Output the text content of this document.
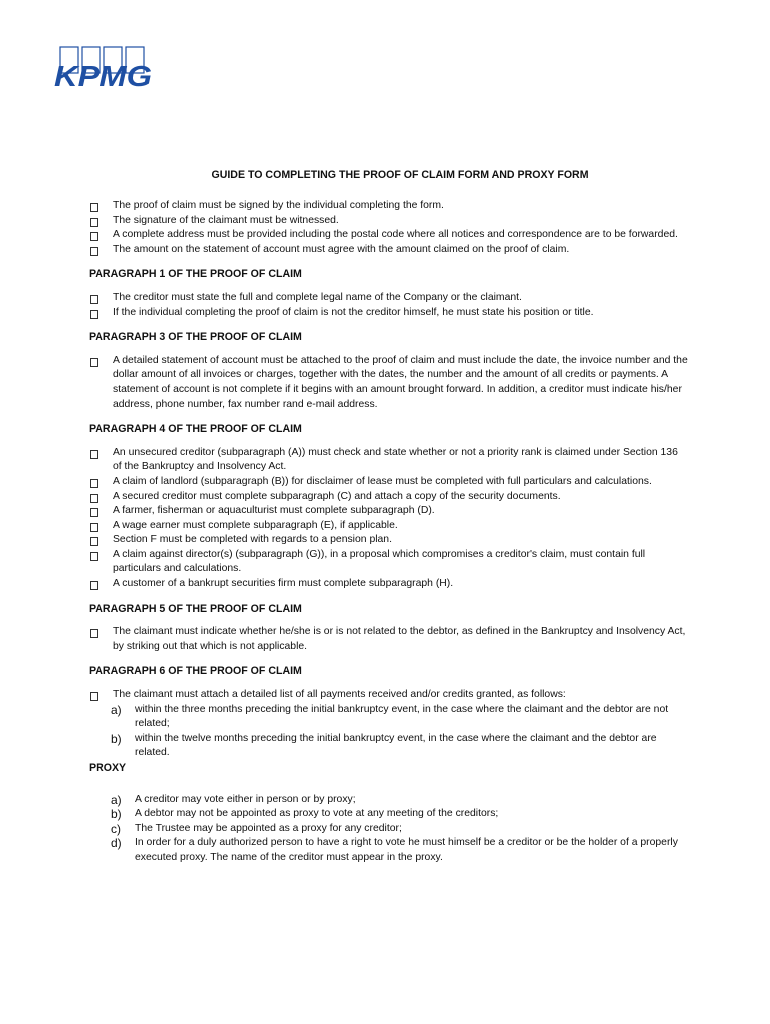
KPMG
GUIDE TO COMPLETING THE PROOF OF CLAIM FORM AND PROXY FORM
The proof of claim must be signed by the individual completing the form.
The signature of the claimant must be witnessed.
A complete address must be provided including the postal code where all notices and correspondence are to be forwarded.
The amount on the statement of account must agree with the amount claimed on the proof of claim.
PARAGRAPH 1 OF THE PROOF OF CLAIM
The creditor must state the full and complete legal name of the Company or the claimant.
If the individual completing the proof of claim is not the creditor himself, he must state his position or title.
PARAGRAPH 3 OF THE PROOF OF CLAIM
A detailed statement of account must be attached to the proof of claim and must include the date, the invoice number and the dollar amount of all invoices or charges, together with the dates, the number and the amount of all credits or payments. A statement of account is not complete if it begins with an amount brought forward. In addition, a creditor must indicate his/her address, phone number, fax number rand e-mail address.
PARAGRAPH 4 OF THE PROOF OF CLAIM
An unsecured creditor (subparagraph (A)) must check and state whether or not a priority rank is claimed under Section 136 of the Bankruptcy and Insolvency Act.
A claim of landlord (subparagraph (B)) for disclaimer of lease must be completed with full particulars and calculations.
A secured creditor must complete subparagraph (C) and attach a copy of the security documents.
A farmer, fisherman or aquaculturist must complete subparagraph (D).
A wage earner must complete subparagraph (E), if applicable.
Section F must be completed with regards to a pension plan.
A claim against director(s) (subparagraph (G)), in a proposal which compromises a creditor's claim, must contain full particulars and calculations.
A customer of a bankrupt securities firm must complete subparagraph (H).
PARAGRAPH 5 OF THE PROOF OF CLAIM
The claimant must indicate whether he/she is or is not related to the debtor, as defined in the Bankruptcy and Insolvency Act, by striking out that which is not applicable.
PARAGRAPH 6 OF THE PROOF OF CLAIM
The claimant must attach a detailed list of all payments received and/or credits granted, as follows:
a)	within the three months preceding the initial bankruptcy event, in the case where the claimant and the debtor are not related;
b)	within the twelve months preceding the initial bankruptcy event, in the case where the claimant and the debtor are related.
PROXY
a)	A creditor may vote either in person or by proxy;
b)	A debtor may not be appointed as proxy to vote at any meeting of the creditors;
c)	The Trustee may be appointed as a proxy for any creditor;
d)	In order for a duly authorized person to have a right to vote he must himself be a creditor or be the holder of a properly executed proxy. The name of the creditor must appear in the proxy.
